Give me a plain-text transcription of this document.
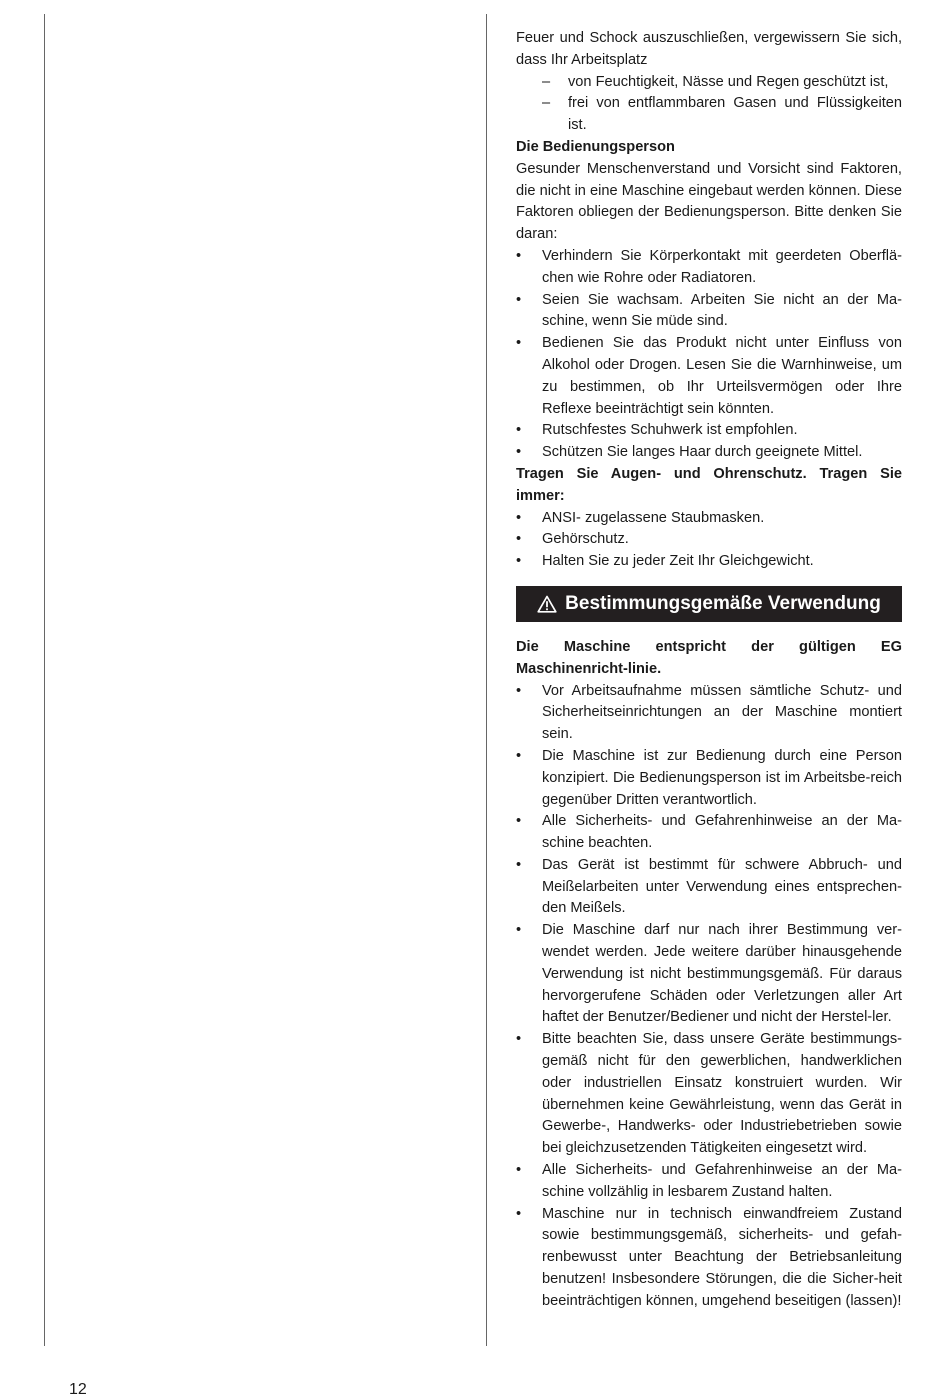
Feuer und Schock auszuschließen, vergewissern Sie sich, dass Ihr Arbeitsplatz

– von Feuchtigkeit, Nässe und Regen geschützt ist,
– frei von entflammbaren Gasen und Flüssigkeiten ist.

Die Bedienungsperson

Gesunder Menschenverstand und Vorsicht sind Faktoren, die nicht in eine Maschine eingebaut werden können. Diese Faktoren obliegen der Bedienungsperson. Bitte denken Sie daran:

• Verhindern Sie Körperkontakt mit geerdeten Oberflä-chen wie Rohre oder Radiatoren.
• Seien Sie wachsam. Arbeiten Sie nicht an der Ma-schine, wenn Sie müde sind.
• Bedienen Sie das Produkt nicht unter Einfluss von Alkohol oder Drogen. Lesen Sie die Warnhinweise, um zu bestimmen, ob Ihr Urteilsvermögen oder Ihre Reflexe beeinträchtigt sein könnten.
• Rutschfestes Schuhwerk ist empfohlen.
• Schützen Sie langes Haar durch geeignete Mittel.

Tragen Sie Augen- und Ohrenschutz. Tragen Sie immer:

• ANSI- zugelassene Staubmasken.
• Gehörschutz.
• Halten Sie zu jeder Zeit Ihr Gleichgewicht.
Bestimmungsgemäße Verwendung

Die Maschine entspricht der gültigen EG Maschinenricht-linie.

• Vor Arbeitsaufnahme müssen sämtliche Schutz- und Sicherheitseinrichtungen an der Maschine montiert sein.
• Die Maschine ist zur Bedienung durch eine Person konzipiert. Die Bedienungsperson ist im Arbeitsbe-reich gegenüber Dritten verantwortlich.
• Alle Sicherheits- und Gefahrenhinweise an der Ma-schine beachten.
• Das Gerät ist bestimmt für schwere Abbruch- und Meißelarbeiten unter Verwendung eines entsprechen-den Meißels.
• Die Maschine darf nur nach ihrer Bestimmung ver-wendet werden. Jede weitere darüber hinausgehende Verwendung ist nicht bestimmungsgemäß. Für daraus hervorgerufene Schäden oder Verletzungen aller Art haftet der Benutzer/Bediener und nicht der Herstel-ler.
• Bitte beachten Sie, dass unsere Geräte bestimmungs-gemäß nicht für den gewerblichen, handwerklichen oder industriellen Einsatz konstruiert wurden. Wir übernehmen keine Gewährleistung, wenn das Gerät in Gewerbe-, Handwerks- oder Industriebetrieben sowie bei gleichzusetzenden Tätigkeiten eingesetzt wird.
• Alle Sicherheits- und Gefahrenhinweise an der Ma-schine vollzählig in lesbarem Zustand halten.
• Maschine nur in technisch einwandfreiem Zustand sowie bestimmungsgemäß, sicherheits- und gefah-renbewusst unter Beachtung der Betriebsanleitung benutzen! Insbesondere Störungen, die die Sicher-heit beeinträchtigen können, umgehend beseitigen (lassen)!
12
